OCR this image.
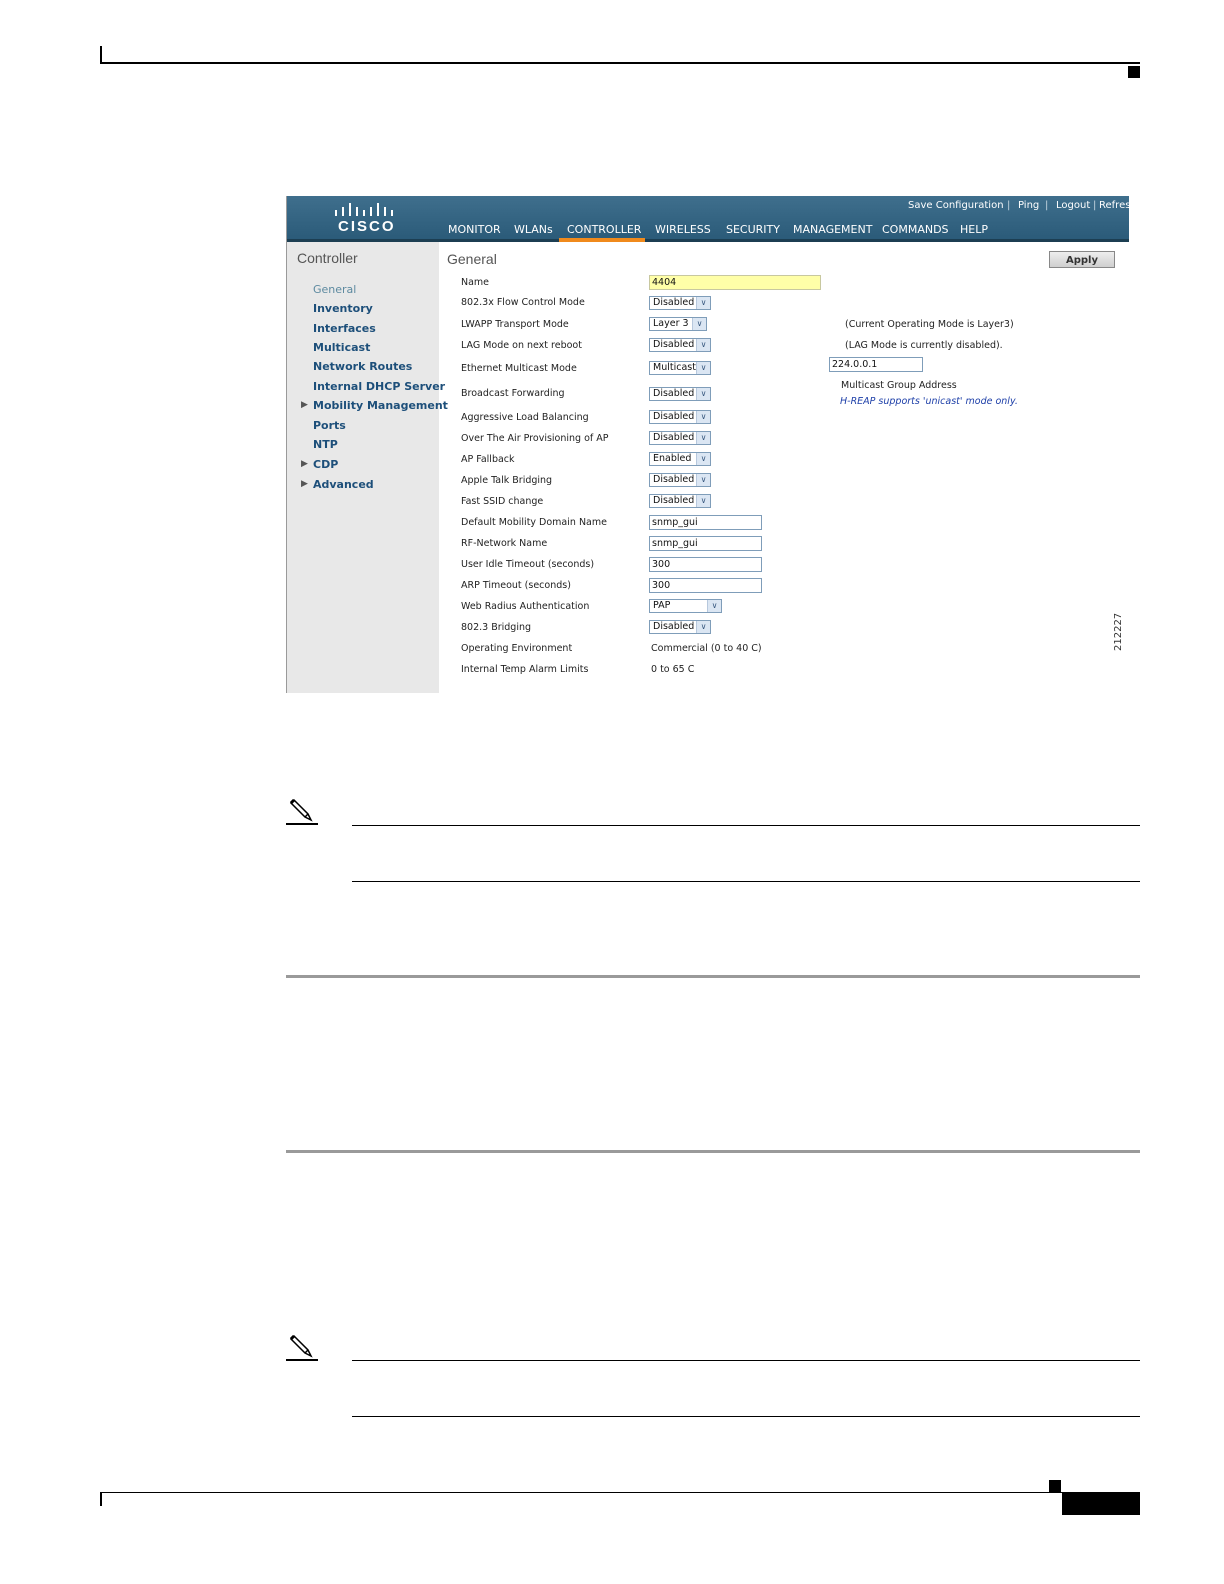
CISCO
Save Configuration | Ping | Logout | Refresh
MONITOR WLANs CONTROLLER WIRELESS SECURITY MANAGEMENT COMMANDS HELP
Controller
General
Inventory
Interfaces
Multicast
Network Routes
Internal DHCP Server
▶ Mobility Management
Ports
NTP
▶ CDP
▶ Advanced
General	Apply
Name	4404
802.3x Flow Control Mode	Disabled ∨
LWAPP Transport Mode	Layer 3	∨
LAG Mode on next reboot	Disabled ∨
Ethernet Multicast Mode	Multicast ∨
Broadcast Forwarding	Disabled ∨
Aggressive Load Balancing	Disabled ∨
Over The Air Provisioning of AP	Disabled ∨
AP Fallback	Enabled	∨
Apple Talk Bridging	Disabled ∨
Fast SSID change	Disabled ∨
Default Mobility Domain Name	snmp_gui
RF-Network Name	snmp_gui
User Idle Timeout (seconds)	300
ARP Timeout (seconds)	300
Web Radius Authentication	PAP	∨
802.3 Bridging	Disabled ∨
Operating Environment	Commercial (0 to 40 C)
Internal Temp Alarm Limits	0 to 65 C
(Current Operating Mode is Layer3)
(LAG Mode is currently disabled).
224.0.0.1
Multicast Group Address
H-REAP supports 'unicast' mode only.
212227
